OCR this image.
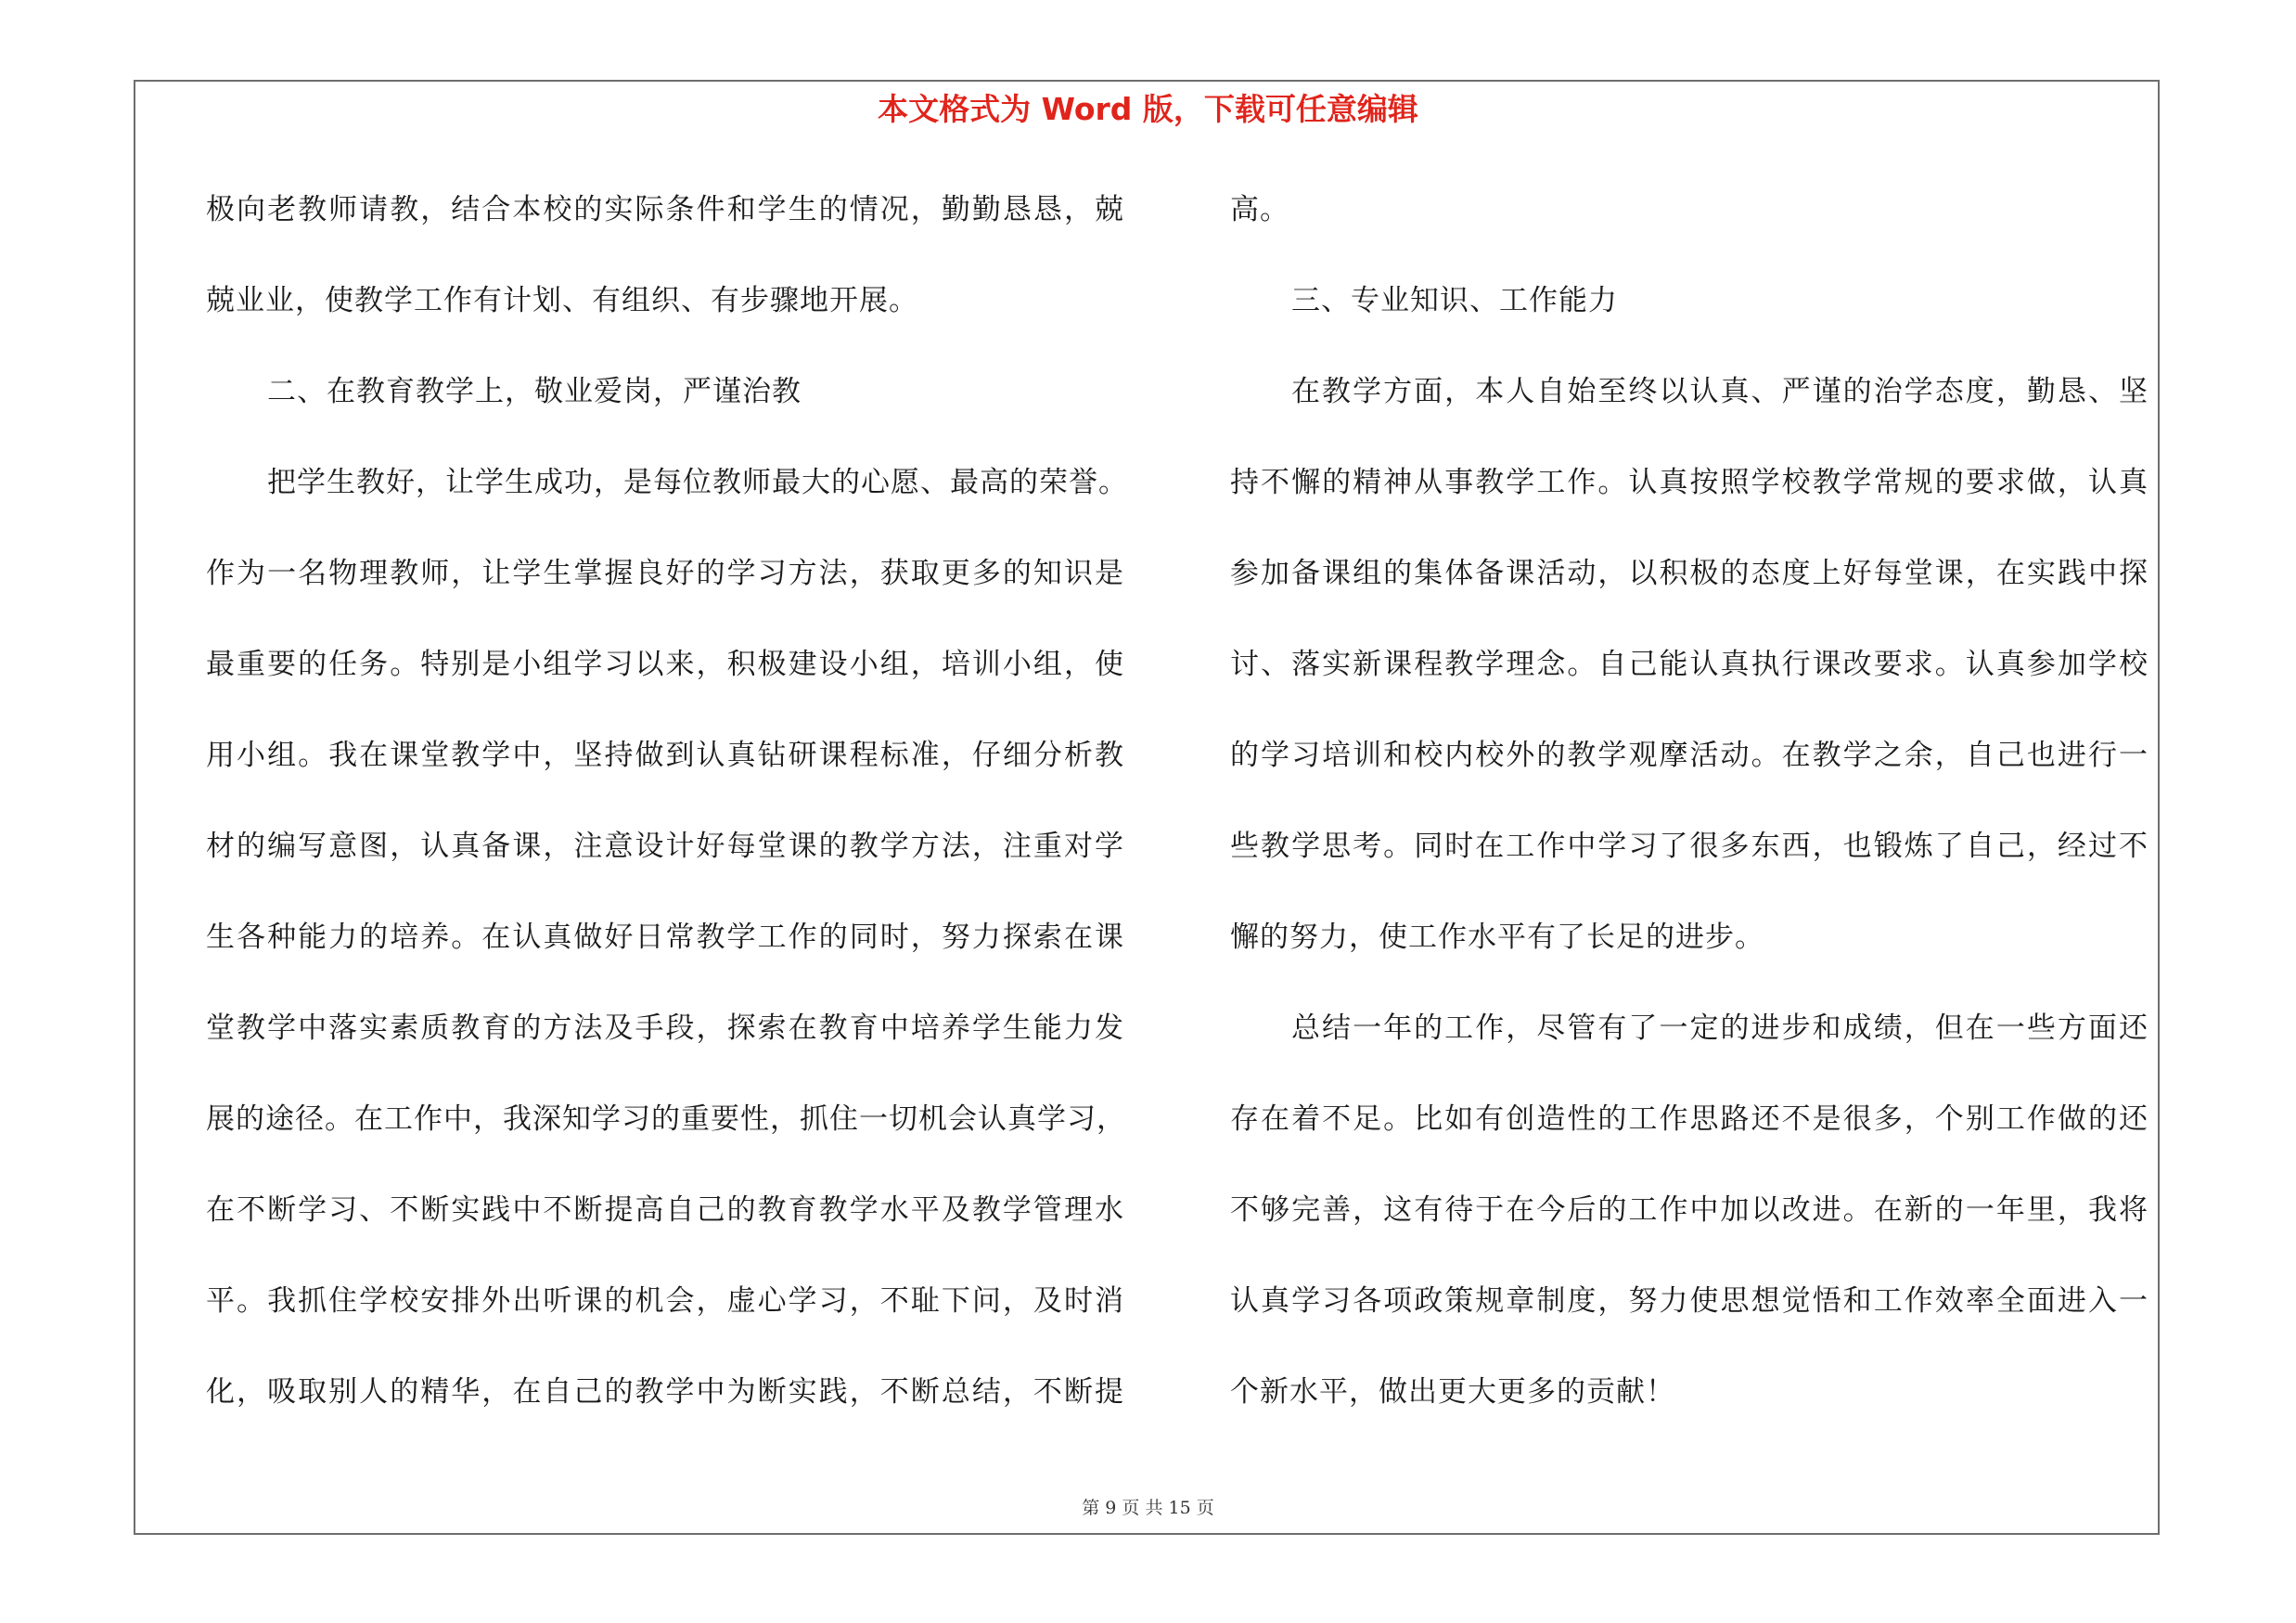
本文格式为 Word 版，下载可任意编辑
极向老教师请教，结合本校的实际条件和学生的情况，勤勤恳恳，兢
兢业业，使教学工作有计划、有组织、有步骤地开展。
二、在教育教学上，敬业爱岗，严谨治教
把学生教好，让学生成功，是每位教师最大的心愿、最高的荣誉。
作为一名物理教师，让学生掌握良好的学习方法，获取更多的知识是
最重要的任务。特别是小组学习以来，积极建设小组，培训小组，使
用小组。我在课堂教学中，坚持做到认真钻研课程标准，仔细分析教
材的编写意图，认真备课，注意设计好每堂课的教学方法，注重对学
生各种能力的培养。在认真做好日常教学工作的同时，努力探索在课
堂教学中落实素质教育的方法及手段，探索在教育中培养学生能力发
展的途径。在工作中，我深知学习的重要性，抓住一切机会认真学习，
在不断学习、不断实践中不断提高自己的教育教学水平及教学管理水
平。我抓住学校安排外出听课的机会，虚心学习，不耻下问，及时消
化，吸取别人的精华，在自己的教学中为断实践，不断总结，不断提
高。
三、专业知识、工作能力
在教学方面，本人自始至终以认真、严谨的治学态度，勤恳、坚
持不懈的精神从事教学工作。认真按照学校教学常规的要求做，认真
参加备课组的集体备课活动，以积极的态度上好每堂课，在实践中探
讨、落实新课程教学理念。自己能认真执行课改要求。认真参加学校
的学习培训和校内校外的教学观摩活动。在教学之余，自己也进行一
些教学思考。同时在工作中学习了很多东西，也锻炼了自己，经过不
懈的努力，使工作水平有了长足的进步。
总结一年的工作，尽管有了一定的进步和成绩，但在一些方面还
存在着不足。比如有创造性的工作思路还不是很多，个别工作做的还
不够完善，这有待于在今后的工作中加以改进。在新的一年里，我将
认真学习各项政策规章制度，努力使思想觉悟和工作效率全面进入一
个新水平，做出更大更多的贡献！
第 9 页 共 15 页
